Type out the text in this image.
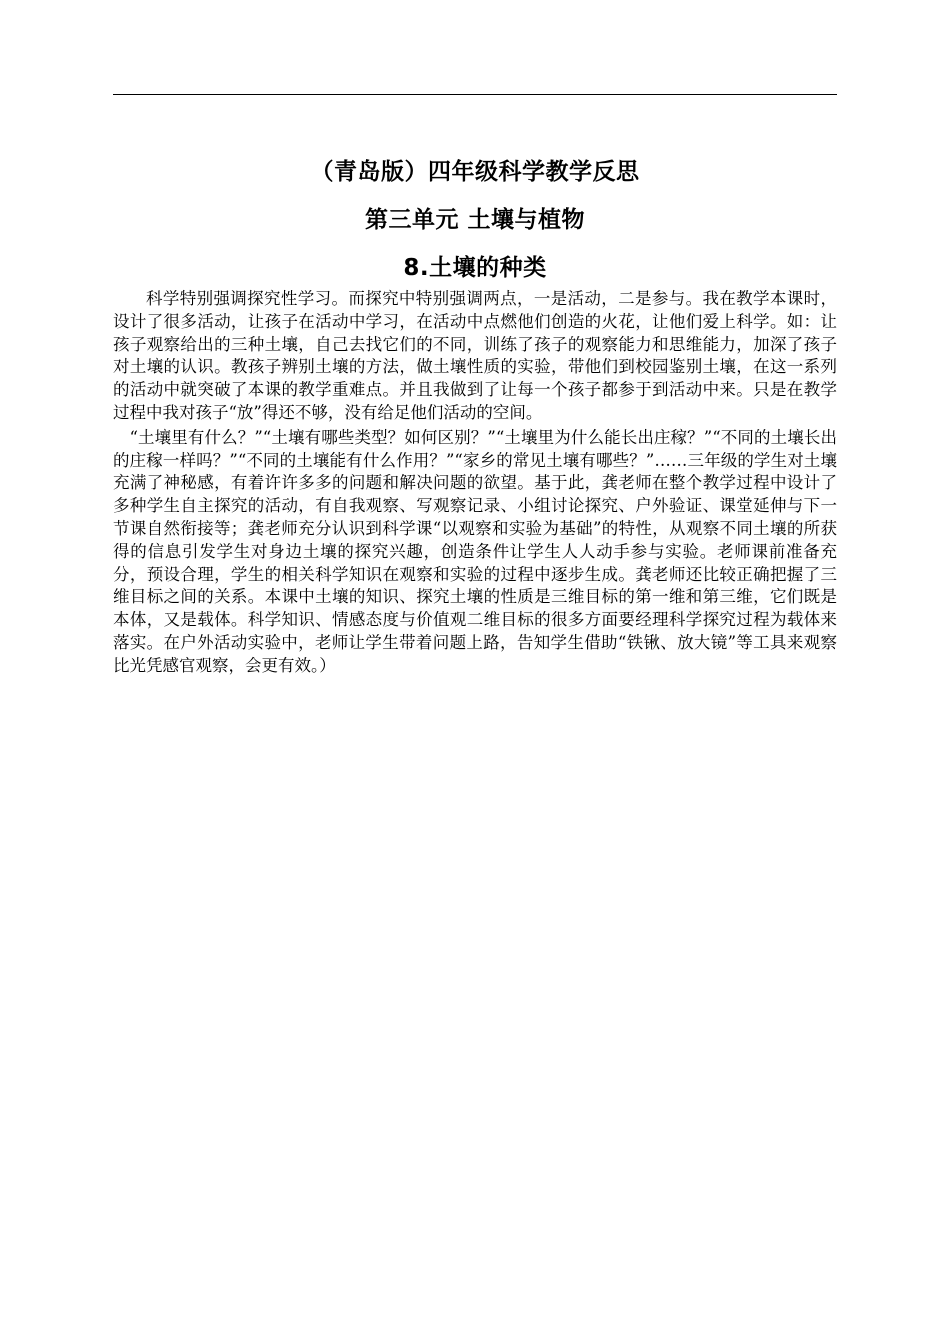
（青岛版）四年级科学教学反思
第三单元 土壤与植物
8.土壤的种类

科学特别强调探究性学习。而探究中特别强调两点，一是活动，二是参与。我在教学本课时，设计了很多活动，让孩子在活动中学习，在活动中点燃他们创造的火花，让他们爱上科学。如：让孩子观察给出的三种土壤，自己去找它们的不同，训练了孩子的观察能力和思维能力，加深了孩子对土壤的认识。教孩子辨别土壤的方法，做土壤性质的实验，带他们到校园鉴别土壤，在这一系列的活动中就突破了本课的教学重难点。并且我做到了让每一个孩子都参于到活动中来。只是在教学过程中我对孩子“放”得还不够，没有给足他们活动的空间。

“土壤里有什么？”“土壤有哪些类型？如何区别？”“土壤里为什么能长出庄稼？”“不同的土壤长出的庄稼一样吗？”“不同的土壤能有什么作用？”“家乡的常见土壤有哪些？”……三年级的学生对土壤充满了神秘感，有着许许多多的问题和解决问题的欲望。基于此，龚老师在整个教学过程中设计了多种学生自主探究的活动，有自我观察、写观察记录、小组讨论探究、户外验证、课堂延伸与下一节课自然衔接等；龚老师充分认识到科学课“以观察和实验为基础”的特性，从观察不同土壤的所获得的信息引发学生对身边土壤的探究兴趣，创造条件让学生人人动手参与实验。老师课前准备充分，预设合理，学生的相关科学知识在观察和实验的过程中逐步生成。龚老师还比较正确把握了三维目标之间的关系。本课中土壤的知识、探究土壤的性质是三维目标的第一维和第三维，它们既是本体，又是载体。科学知识、情感态度与价值观二维目标的很多方面要经理科学探究过程为载体来落实。在户外活动实验中，老师让学生带着问题上路，告知学生借助“铁锹、放大镜”等工具来观察比光凭感官观察，会更有效。）
